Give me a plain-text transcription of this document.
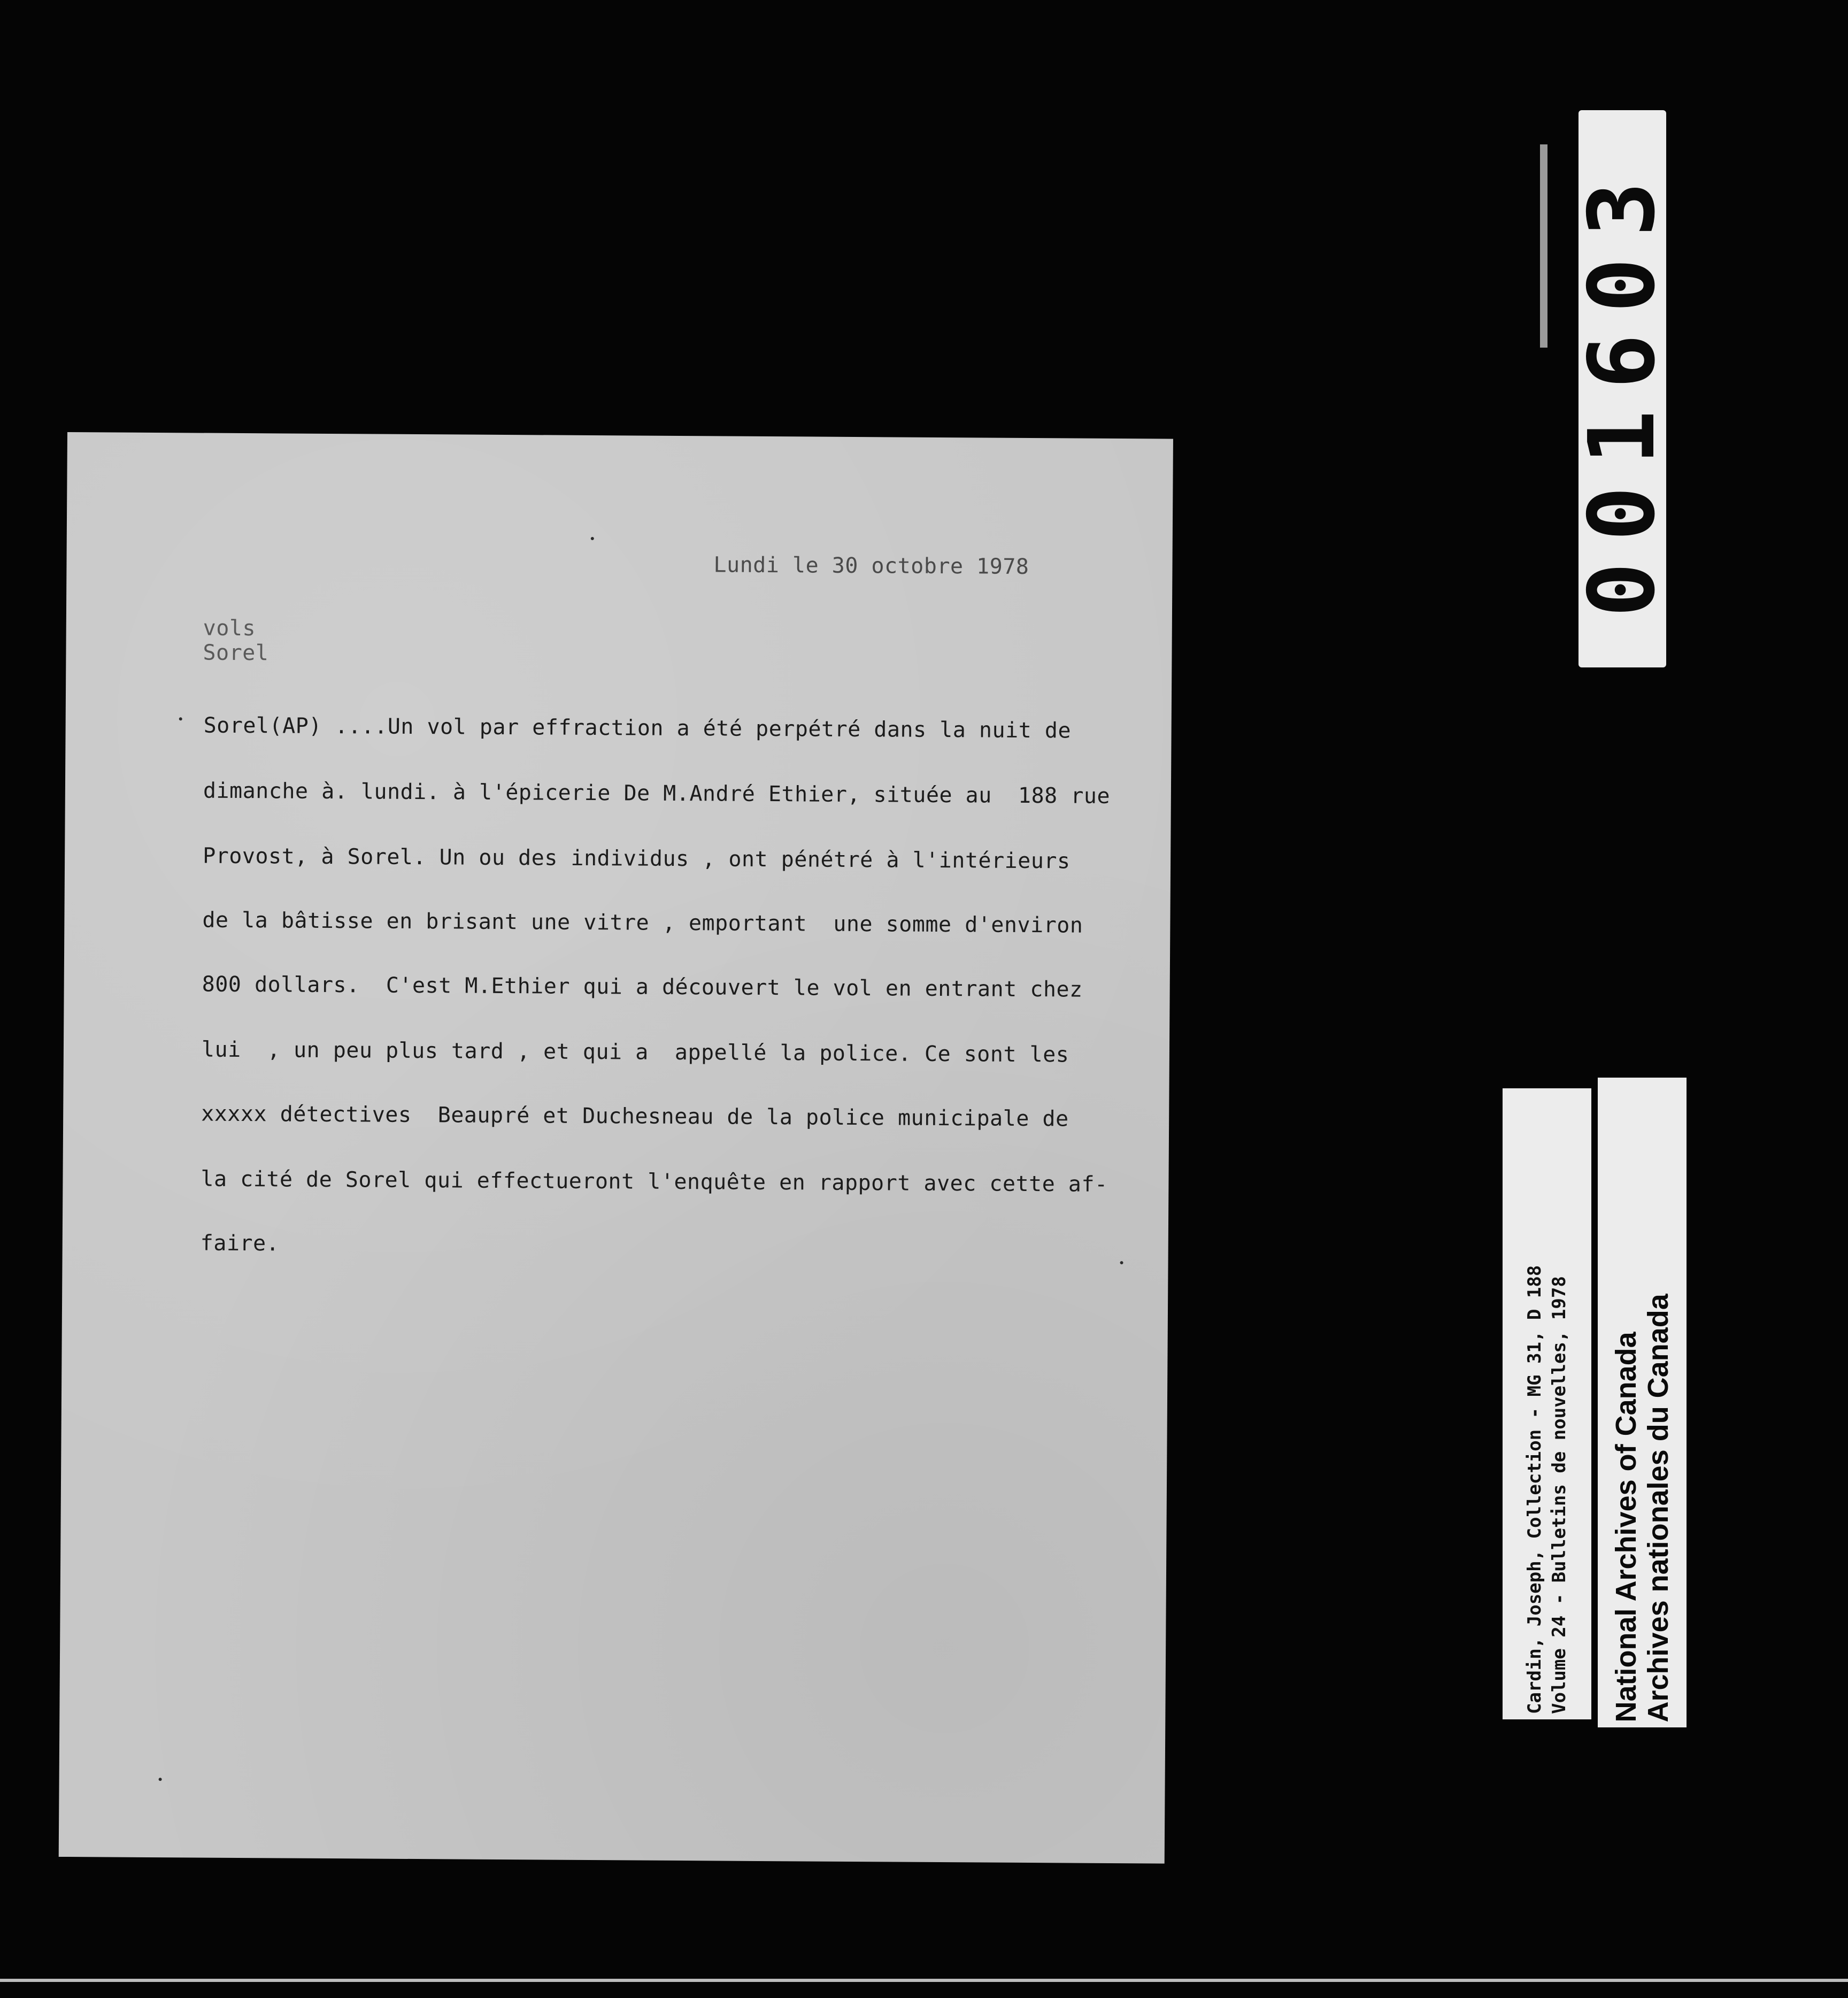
Lundi le 30 octobre 1978
vols
Sorel
Sorel(AP) ....Un vol par effraction a été perpétré dans la nuit de
dimanche à. lundi. à l'épicerie De M.André Ethier, située au  188 rue
Provost, à Sorel. Un ou des individus , ont pénétré à l'intérieurs
de la bâtisse en brisant une vitre , emportant  une somme d'environ
800 dollars.  C'est M.Ethier qui a découvert le vol en entrant chez
lui  , un peu plus tard , et qui a  appellé la police. Ce sont les
xxxxx détectives  Beaupré et Duchesneau de la police municipale de
la cité de Sorel qui effectueront l'enquête en rapport avec cette af-
faire.
001603
Cardin, Joseph, Collection - MG 31, D 188 Volume 24 - Bulletins de nouvelles, 1978 National Archives of Canada Archives nationales du Canada
